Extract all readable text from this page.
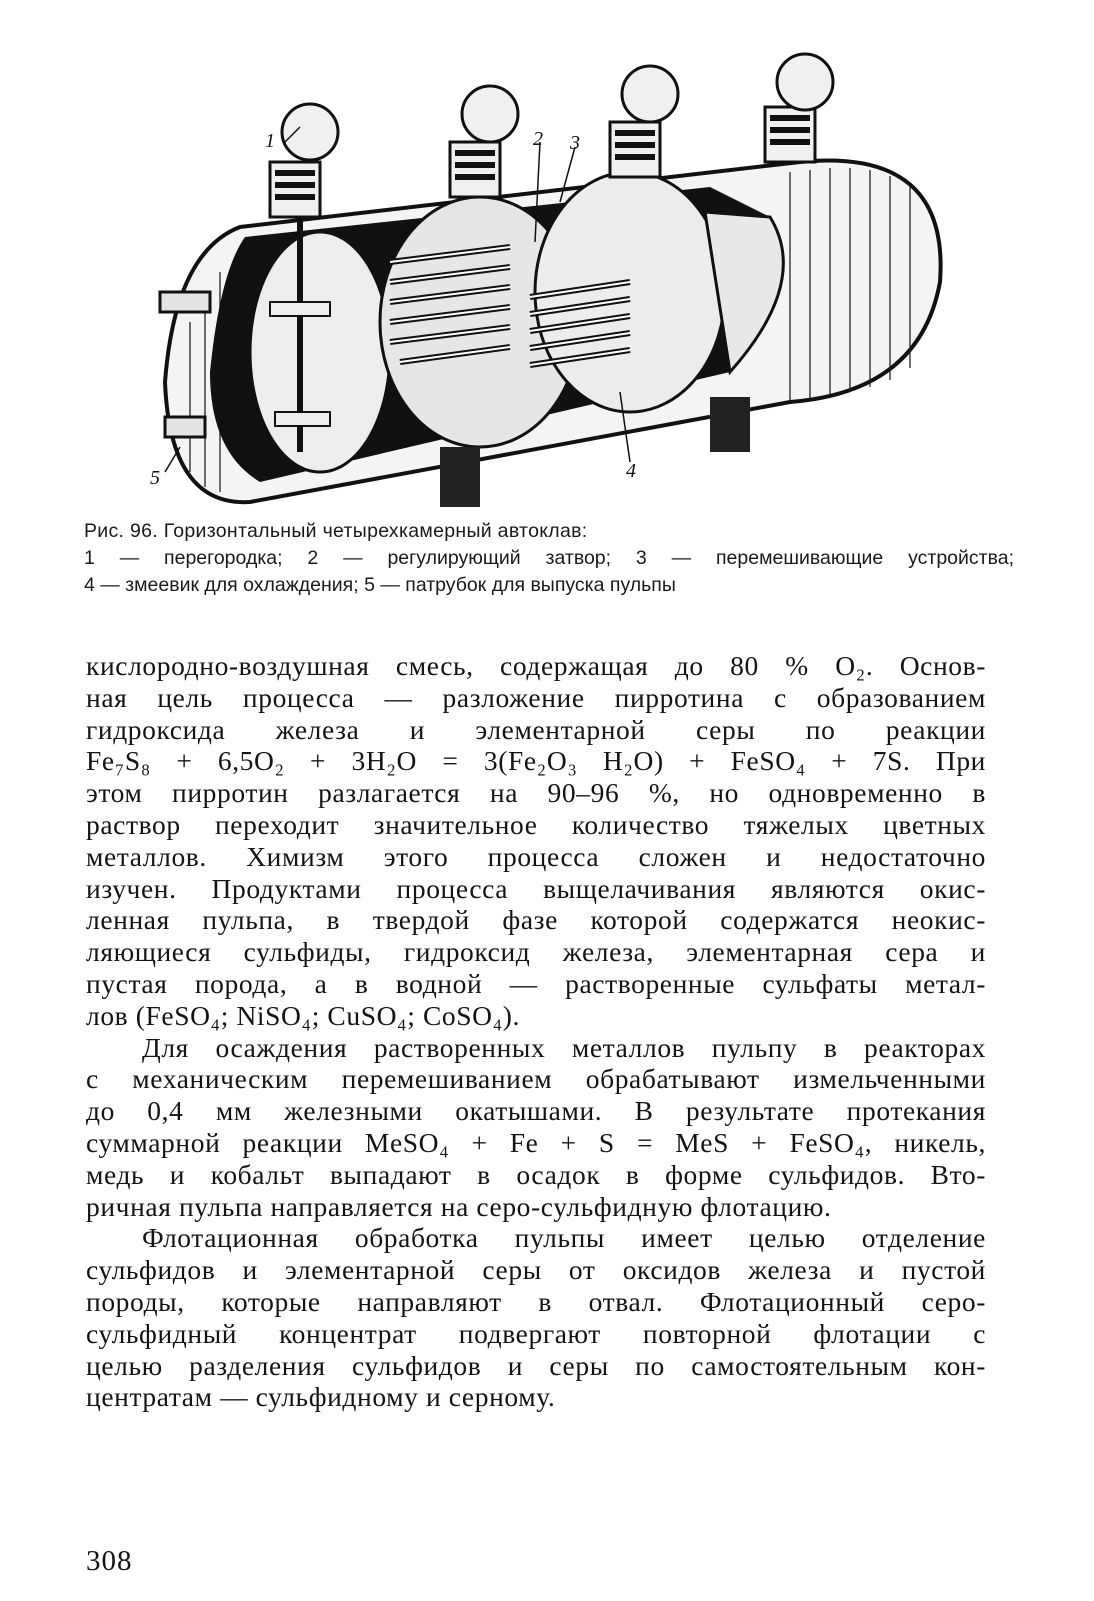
1	2 3
4
5
Рис. 96. Горизонтальный четырехкамерный автоклав:
1 — перегородка; 2 — регулирующий затвор; 3 — перемешивающие устройства;
4 — змеевик для охлаждения; 5 — патрубок для выпуска пульпы
кислородно-воздушная смесь, содержащая до 80 % O₂. Основ-
ная цель процесса — разложение пирротина с образованием
гидроксида железа и элементарной серы по реакции
Fe₇S₈ + 6,5O₂ + 3H₂O = 3(Fe₂O₃ H₂O) + FeSO₄ + 7S. При
этом пирротин разлагается на 90–96 %, но одновременно в
раствор переходит значительное количество тяжелых цветных
металлов. Химизм этого процесса сложен и недостаточно
изучен. Продуктами процесса выщелачивания являются окис-
ленная пульпа, в твердой фазе которой содержатся неокис-
ляющиеся сульфиды, гидроксид железа, элементарная сера и
пустая порода, а в водной — растворенные сульфаты метал-
лов (FeSO₄; NiSO₄; CuSO₄; CoSO₄).
Для осаждения растворенных металлов пульпу в реакторах
с механическим перемешиванием обрабатывают измельченными
до 0,4 мм железными окатышами. В результате протекания
суммарной реакции MeSO₄ + Fe + S = MeS + FeSO₄, никель,
медь и кобальт выпадают в осадок в форме сульфидов. Вто-
ричная пульпа направляется на серо-сульфидную флотацию.
Флотационная обработка пульпы имеет целью отделение
сульфидов и элементарной серы от оксидов железа и пустой
породы, которые направляют в отвал. Флотационный серо-
сульфидный концентрат подвергают повторной флотации с
целью разделения сульфидов и серы по самостоятельным кон-
центратам — сульфидному и серному.
308
